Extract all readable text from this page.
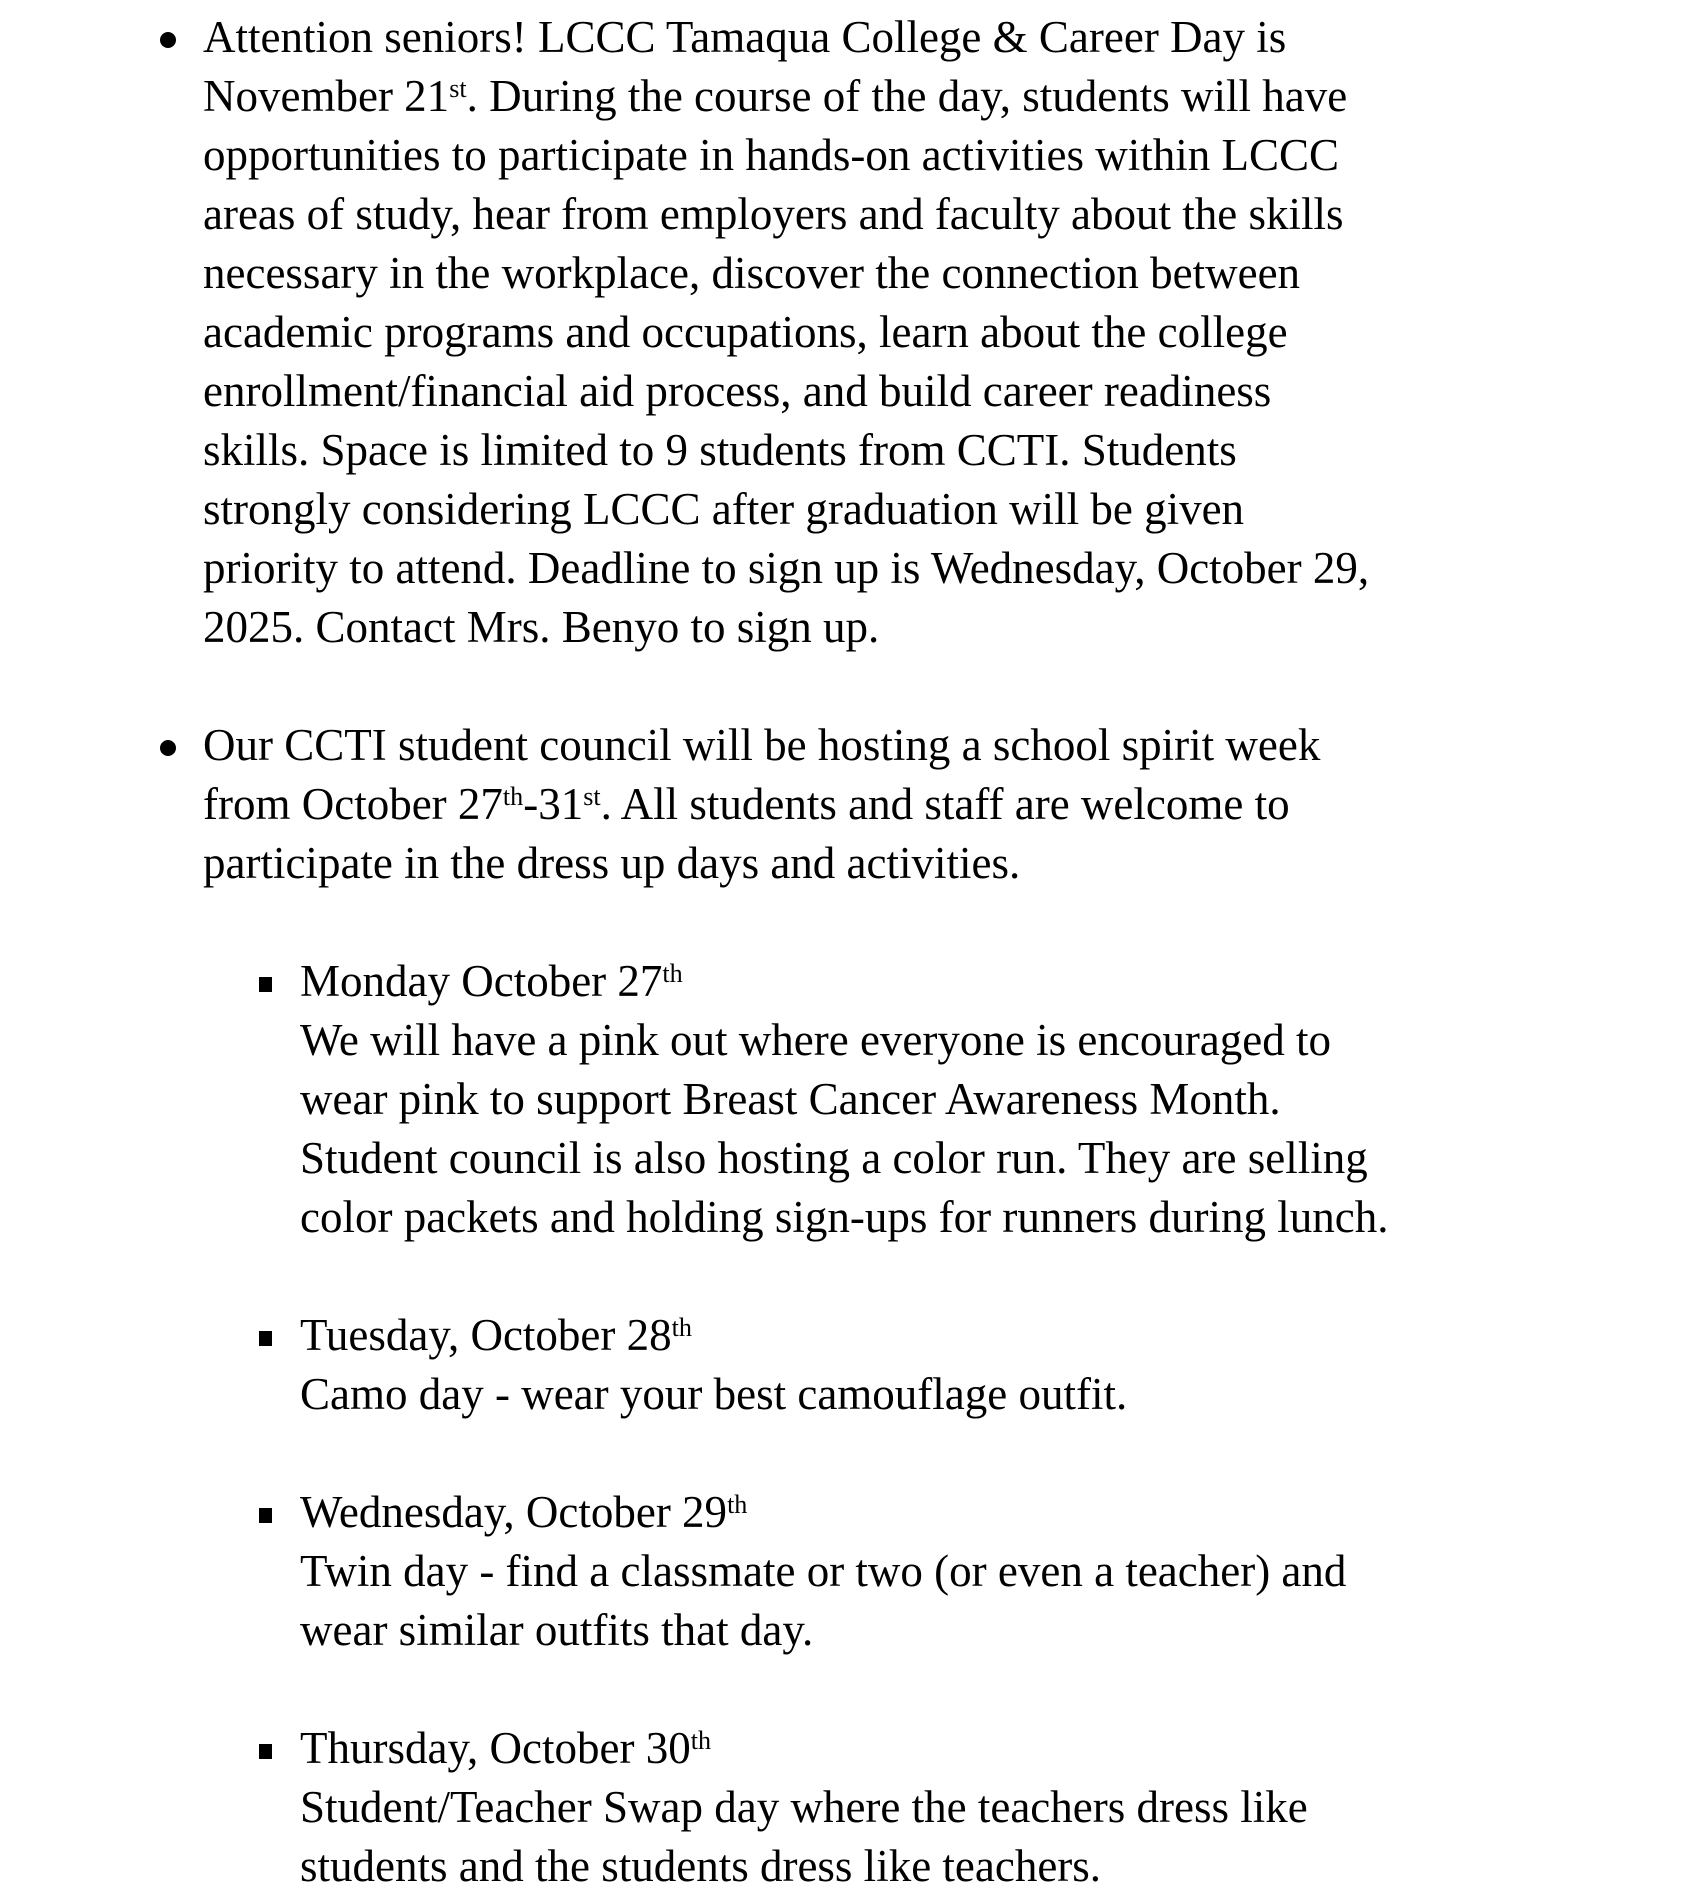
Attention seniors! LCCC Tamaqua College & Career Day is
November 21st. During the course of the day, students will have
opportunities to participate in hands-on activities within LCCC
areas of study, hear from employers and faculty about the skills
necessary in the workplace, discover the connection between
academic programs and occupations, learn about the college
enrollment/financial aid process, and build career readiness
skills. Space is limited to 9 students from CCTI. Students
strongly considering LCCC after graduation will be given
priority to attend. Deadline to sign up is Wednesday, October 29,
2025. Contact Mrs. Benyo to sign up.
Our CCTI student council will be hosting a school spirit week
from October 27th-31st. All students and staff are welcome to
participate in the dress up days and activities.
Monday October 27th
We will have a pink out where everyone is encouraged to
wear pink to support Breast Cancer Awareness Month.
Student council is also hosting a color run. They are selling
color packets and holding sign-ups for runners during lunch.
Tuesday, October 28th
Camo day - wear your best camouflage outfit.
Wednesday, October 29th
Twin day - find a classmate or two (or even a teacher) and
wear similar outfits that day.
Thursday, October 30th
Student/Teacher Swap day where the teachers dress like
students and the students dress like teachers.
